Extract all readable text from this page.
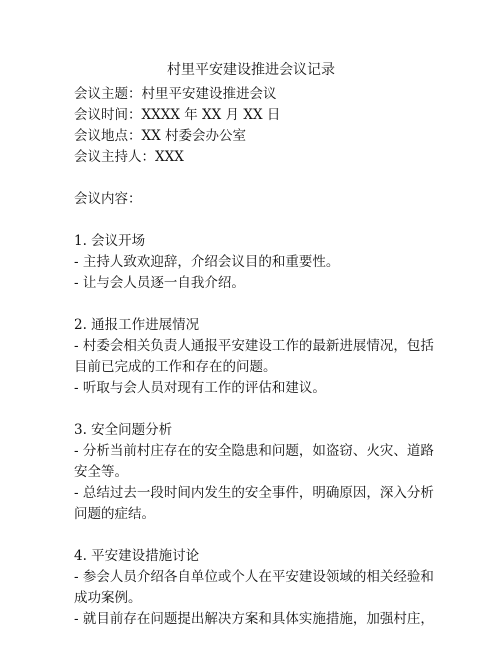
村里平安建设推进会议记录
会议主题：村里平安建设推进会议
会议时间：XXXX 年 XX 月 XX 日
会议地点：XX 村委会办公室
会议主持人：XXX
会议内容：
1. 会议开场
- 主持人致欢迎辞，介绍会议目的和重要性。
- 让与会人员逐一自我介绍。
2. 通报工作进展情况
- 村委会相关负责人通报平安建设工作的最新进展情况，包括目前已完成的工作和存在的问题。
- 听取与会人员对现有工作的评估和建议。
3. 安全问题分析
- 分析当前村庄存在的安全隐患和问题，如盗窃、火灾、道路安全等。
- 总结过去一段时间内发生的安全事件，明确原因，深入分析问题的症结。
4. 平安建设措施讨论
- 参会人员介绍各自单位或个人在平安建设领域的相关经验和成功案例。
- 就目前存在问题提出解决方案和具体实施措施，加强村庄，
